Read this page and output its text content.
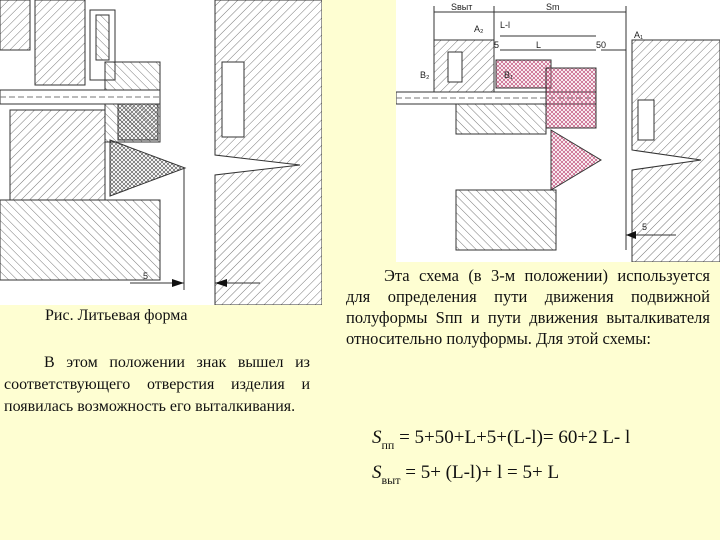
5
Sвыт	Sm
L-l
A₂
A₁
5	L	50
B₂	B₁
5
Рис. Литьевая форма
В этом положении знак вышел из соответствующего отверстия изделия и появилась возможность его выталкивания.
Эта схема (в 3-м положении) используется для определения пути движения подвижной полуформы Sпп и пути движения выталкивателя относительно полуформы. Для этой схемы:
$S_{пп} = 5+50+L+5+(L-l)= 60+2$ L- l
$S_{выт} = 5+ (L-l)+ l = 5+ L$
